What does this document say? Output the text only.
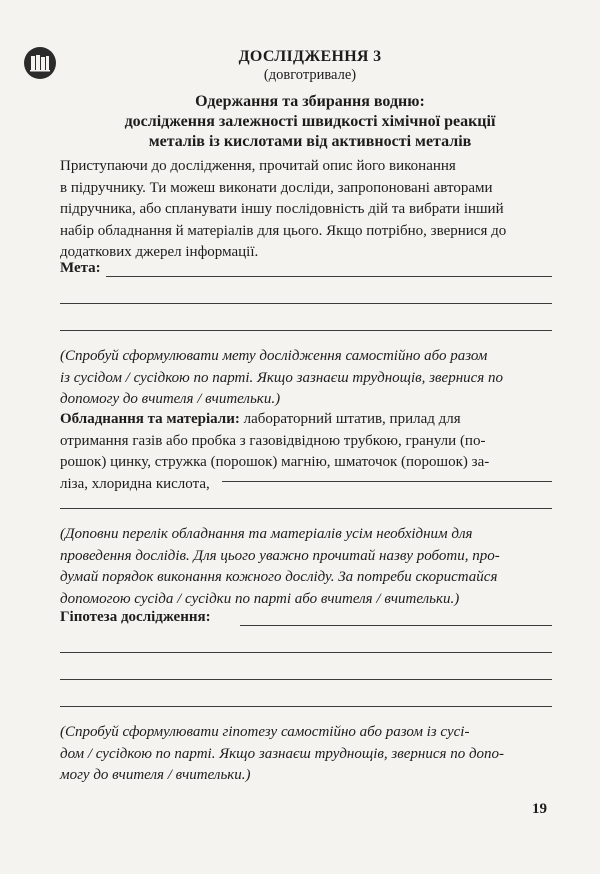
ДОСЛІДЖЕННЯ 3
(довготривале)
Одержання та збирання водню:
дослідження залежності швидкості хімічної реакції
металів із кислотами від активності металів
Приступаючи до дослідження, прочитай опис його виконання
в підручнику. Ти можеш виконати досліди, запропоновані авторами
підручника, або спланувати іншу послідовність дій та вибрати інший
набір обладнання й матеріалів для цього. Якщо потрібно, звернися до
додаткових джерел інформації.
Мета:
(Спробуй сформулювати мету дослідження самостійно або разом
із сусідом / сусідкою по парті. Якщо зазнаєш труднощів, звернися по
допомогу до вчителя / вчительки.)
Обладнання та матеріали: лабораторний штатив, прилад для
отримання газів або пробка з газовідвідною трубкою, гранули (по-
рошок) цинку, стружка (порошок) магнію, шматочок (порошок) за-
ліза, хлоридна кислота,
(Доповни перелік обладнання та матеріалів усім необхідним для
проведення дослідів. Для цього уважно прочитай назву роботи, про-
думай порядок виконання кожного досліду. За потреби скористайся
допомогою сусіда / сусідки по парті або вчителя / вчительки.)
Гіпотеза дослідження:
(Спробуй сформулювати гіпотезу самостійно або разом із сусі-
дом / сусідкою по парті. Якщо зазнаєш труднощів, звернися по допо-
могу до вчителя / вчительки.)
19
